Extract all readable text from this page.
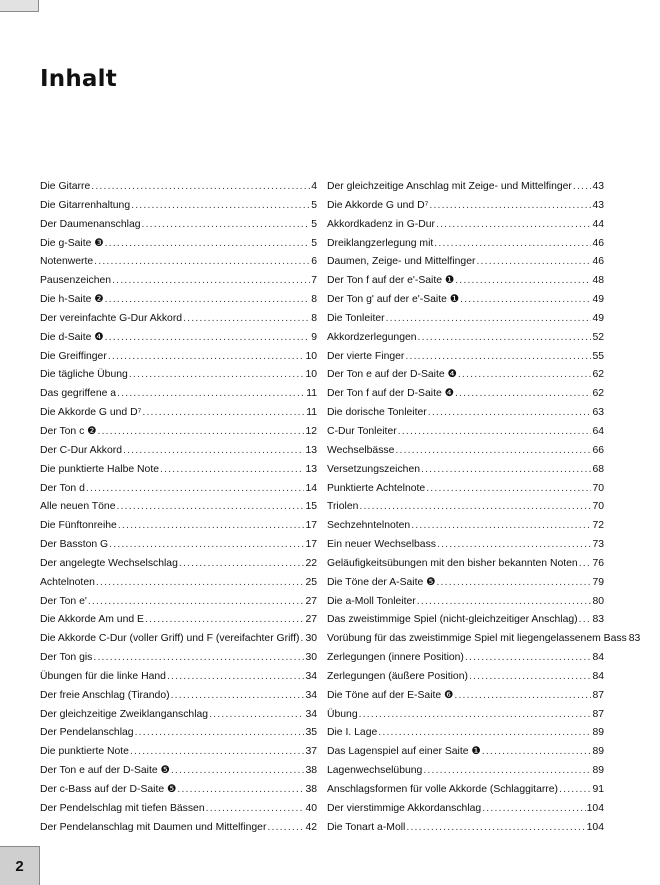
Inhalt
Die Gitarre .....	4
Die Gitarrenhaltung .....	5
Der Daumenanschlag .....	5
Die g-Saite ❸ .....	5
Notenwerte .....	6
Pausenzeichen .....	7
Die h-Saite ❷ .....	8
Der vereinfachte G-Dur Akkord .....	8
Die d-Saite ❹ .....	9
Die Greiffinger .....	10
Die tägliche Übung .....	10
Das gegriffene a .....	11
Die Akkorde G und D⁷ .....	11
Der Ton c ❷ .....	12
Der C-Dur Akkord .....	13
Die punktierte Halbe Note .....	13
Der Ton d .....	14
Alle neuen Töne .....	15
Die Fünftonreihe .....	17
Der Basston G .....	17
Der angelegte Wechselschlag .....	22
Achtelnoten .....	25
Der Ton e' .....	27
Die Akkorde Am und E .....	27
Die Akkorde C-Dur (voller Griff) und F (vereifachter Griff) ..... 30
Der Ton gis .....	30
Übungen für die linke Hand .....	34
Der freie Anschlag (Tirando) .....	34
Der gleichzeitige Zweiklanganschlag .....	34
Der Pendelanschlag .....	35
Die punktierte Note .....	37
Der Ton e auf der D-Saite ❺ .....	38
Der c-Bass auf der D-Saite ❺ .....	38
Der Pendelschlag mit tiefen Bässen .....	40
Der Pendelanschlag mit Daumen und Mittelfinger .....	42
Der gleichzeitige Anschlag mit Zeige- und Mittelfinger ..... 43
Die Akkorde G und D⁷ .....	43
Akkordkadenz in G-Dur .....	44
Dreiklangzerlegung mit .....	46
Daumen, Zeige- und Mittelfinger .....	46
Der Ton f auf der e'-Saite ❶ .....	48
Der Ton g' auf der e'-Saite ❶ .....	49
Die Tonleiter .....	49
Akkordzerlegungen .....	52
Der vierte Finger .....	55
Der Ton e auf der D-Saite ❹ .....	62
Der Ton f auf der D-Saite ❹ .....	62
Die dorische Tonleiter .....	63
C-Dur Tonleiter .....	64
Wechselbässe .....	66
Versetzungszeichen .....	68
Punktierte Achtelnote .....	70
Triolen .....	70
Sechzehntelnoten .....	72
Ein neuer Wechselbass .....	73
Geläufigkeitsübungen mit den bisher bekannten Noten ..... 76
Die Töne der A-Saite ❺ .....	79
Die a-Moll Tonleiter .....	80
Das zweistimmige Spiel (nicht-gleichzeitiger Anschlag) ..... 83
Vorübung für das zweistimmige Spiel mit liegengelassenem Bass 83
Zerlegungen (innere Position) .....	84
Zerlegungen (äußere Position) .....	84
Die Töne auf der E-Saite ❻ .....	87
Übung .....	87
Die I. Lage .....	89
Das Lagenspiel auf einer Saite ❶ .....	89
Lagenwechselübung .....	89
Anschlagsformen für volle Akkorde (Schlaggitarre) .....	91
Der vierstimmige Akkordanschlag .....	104
Die Tonart a-Moll .....	104
2
